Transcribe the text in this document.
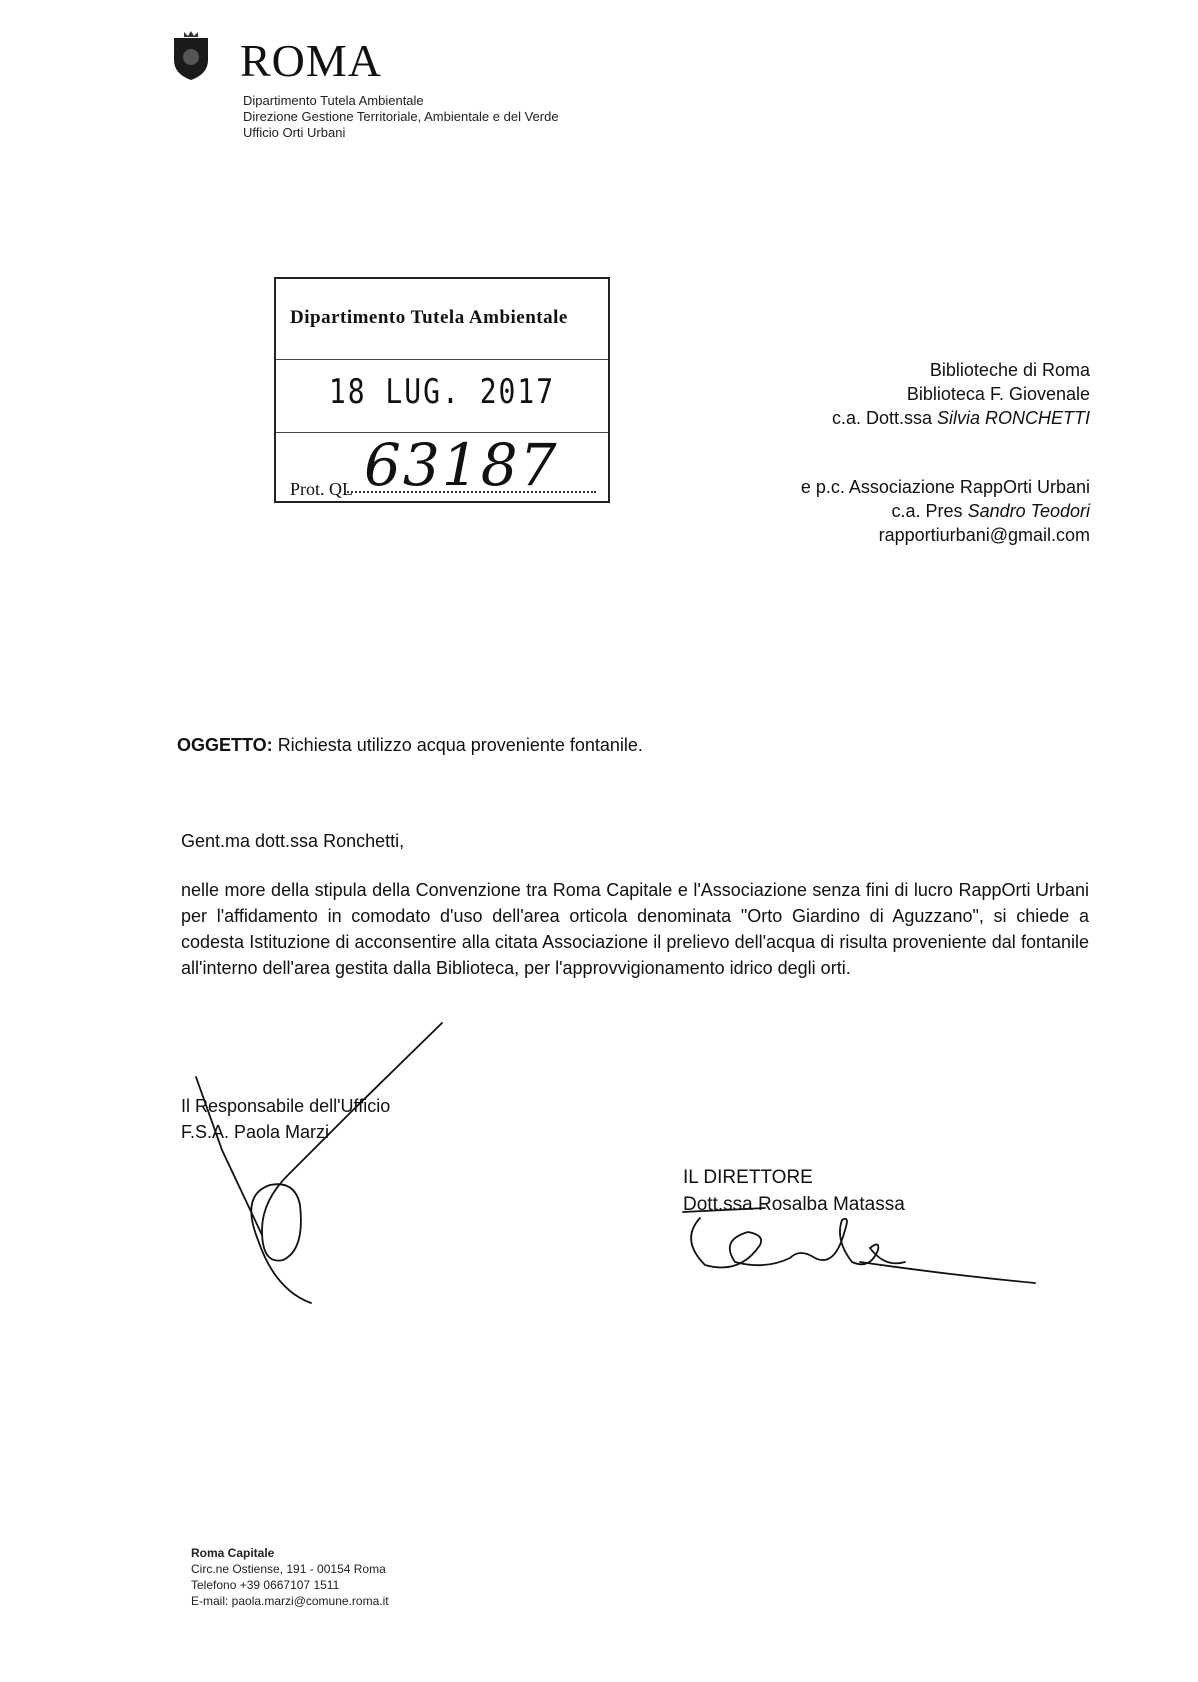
ROMA
Dipartimento Tutela Ambientale
Direzione Gestione Territoriale, Ambientale e del Verde
Ufficio Orti Urbani
Dipartimento Tutela Ambientale
18 LUG. 2017
Prot. QL 63187
Biblioteche di Roma
Biblioteca F. Giovenale
c.a. Dott.ssa Silvia RONCHETTI
e p.c. Associazione RappOrti Urbani
c.a. Pres Sandro Teodori
rapportiurbani@gmail.com
OGGETTO: Richiesta utilizzo acqua proveniente fontanile.
Gent.ma dott.ssa Ronchetti,
nelle more della stipula della Convenzione tra Roma Capitale e l'Associazione senza fini di lucro RappOrti Urbani per l'affidamento in comodato d'uso dell'area orticola denominata "Orto Giardino di Aguzzano", si chiede a codesta Istituzione di acconsentire alla citata Associazione il prelievo dell'acqua di risulta proveniente dal fontanile all'interno dell'area gestita dalla Biblioteca, per l'approvvigionamento idrico degli orti.
Il Responsabile dell'Ufficio
F.S.A. Paola Marzi
IL DIRETTORE
Dott.ssa Rosalba Matassa
Roma Capitale
Circ.ne Ostiense, 191 - 00154 Roma
Telefono +39 0667107 1511
E-mail: paola.marzi@comune.roma.it
